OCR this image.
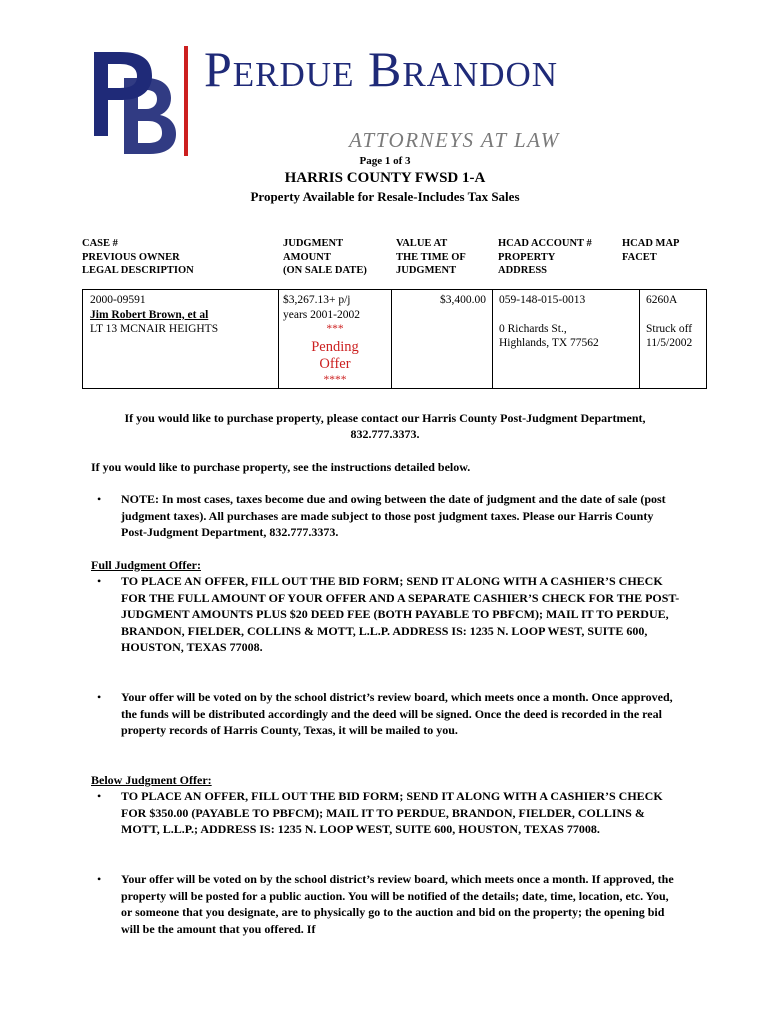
Perdue Brandon
ATTORNEYS AT LAW
Page 1 of 3
HARRIS COUNTY FWSD 1-A
Property Available for Resale-Includes Tax Sales
CASE #
PREVIOUS OWNER
LEGAL DESCRIPTION
JUDGMENT
AMOUNT
(ON SALE DATE)
VALUE AT
THE TIME OF
JUDGMENT
HCAD ACCOUNT #
PROPERTY
ADDRESS
HCAD MAP
FACET
2000-09591
Jim Robert Brown, et al
LT 13 MCNAIR HEIGHTS
$3,267.13+ p/j
years 2001-2002
***
Pending
Offer
****
$3,400.00 059-148-015-0013
0 Richards St.,
Highlands, TX 77562
6260A
Struck off
11/5/2002
If you would like to purchase property, please contact our Harris County Post-Judgment Department, 832.777.3373.
If you would like to purchase property, see the instructions detailed below.
• NOTE: In most cases, taxes become due and owing between the date of judgment and the date of sale (post judgment taxes). All purchases are made subject to those post judgment taxes. Please our Harris County Post-Judgment Department, 832.777.3373.
Full Judgment Offer:
• TO PLACE AN OFFER, FILL OUT THE BID FORM; SEND IT ALONG WITH A CASHIER’S CHECK FOR THE FULL AMOUNT OF YOUR OFFER AND A SEPARATE CASHIER’S CHECK FOR THE POST-JUDGMENT AMOUNTS PLUS $20 DEED FEE (BOTH PAYABLE TO PBFCM); MAIL IT TO PERDUE, BRANDON, FIELDER, COLLINS & MOTT, L.L.P. ADDRESS IS: 1235 N. LOOP WEST, SUITE 600, HOUSTON, TEXAS 77008.
• Your offer will be voted on by the school district’s review board, which meets once a month. Once approved, the funds will be distributed accordingly and the deed will be signed. Once the deed is recorded in the real property records of Harris County, Texas, it will be mailed to you.
Below Judgment Offer:
• TO PLACE AN OFFER, FILL OUT THE BID FORM; SEND IT ALONG WITH A CASHIER’S CHECK FOR $350.00 (PAYABLE TO PBFCM); MAIL IT TO PERDUE, BRANDON, FIELDER, COLLINS & MOTT, L.L.P.; ADDRESS IS: 1235 N. LOOP WEST, SUITE 600, HOUSTON, TEXAS 77008.
• Your offer will be voted on by the school district’s review board, which meets once a month. If approved, the property will be posted for a public auction. You will be notified of the details; date, time, location, etc. You, or someone that you designate, are to physically go to the auction and bid on the property; the opening bid will be the amount that you offered. If
